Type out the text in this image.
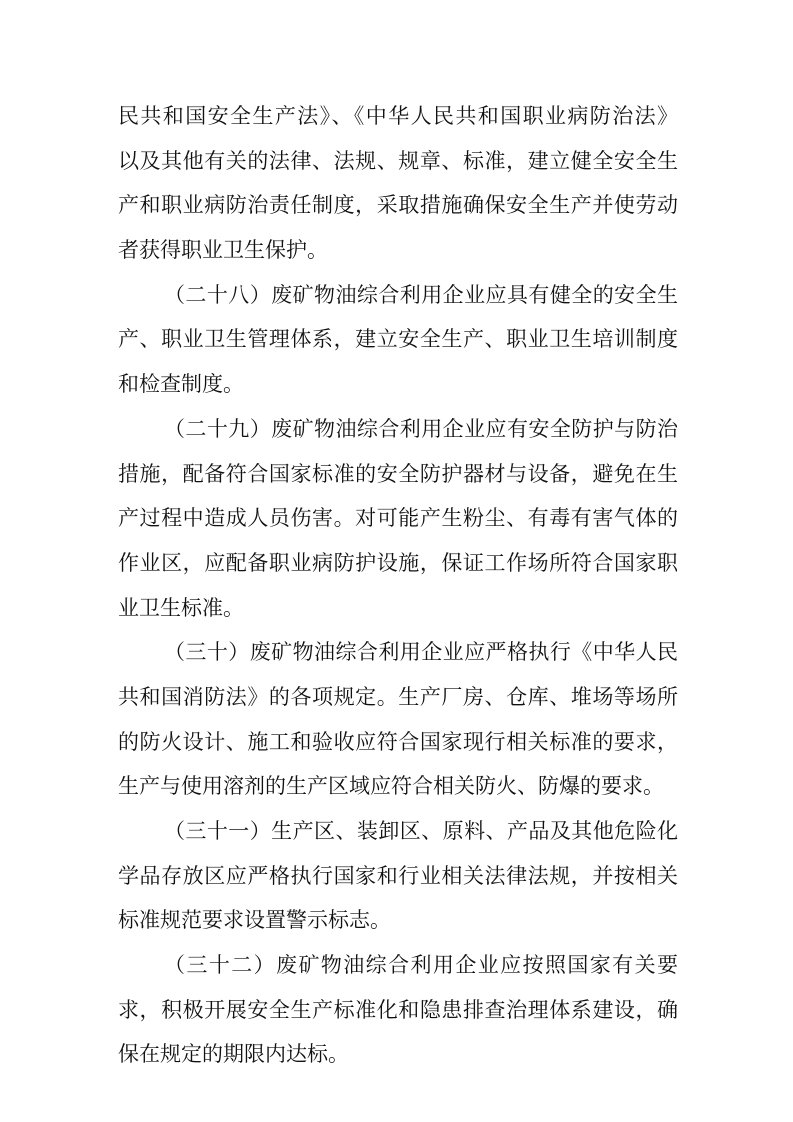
民共和国安全生产法》、《中华人民共和国职业病防治法》
以及其他有关的法律、法规、规章、标准，建立健全安全生
产和职业病防治责任制度，采取措施确保安全生产并使劳动
者获得职业卫生保护。
（二十八）废矿物油综合利用企业应具有健全的安全生
产、职业卫生管理体系，建立安全生产、职业卫生培训制度
和检查制度。
（二十九）废矿物油综合利用企业应有安全防护与防治
措施，配备符合国家标准的安全防护器材与设备，避免在生
产过程中造成人员伤害。对可能产生粉尘、有毒有害气体的
作业区，应配备职业病防护设施，保证工作场所符合国家职
业卫生标准。
（三十）废矿物油综合利用企业应严格执行《中华人民
共和国消防法》的各项规定。生产厂房、仓库、堆场等场所
的防火设计、施工和验收应符合国家现行相关标准的要求，
生产与使用溶剂的生产区域应符合相关防火、防爆的要求。
（三十一）生产区、装卸区、原料、产品及其他危险化
学品存放区应严格执行国家和行业相关法律法规，并按相关
标准规范要求设置警示标志。
（三十二）废矿物油综合利用企业应按照国家有关要
求，积极开展安全生产标准化和隐患排查治理体系建设，确
保在规定的期限内达标。
